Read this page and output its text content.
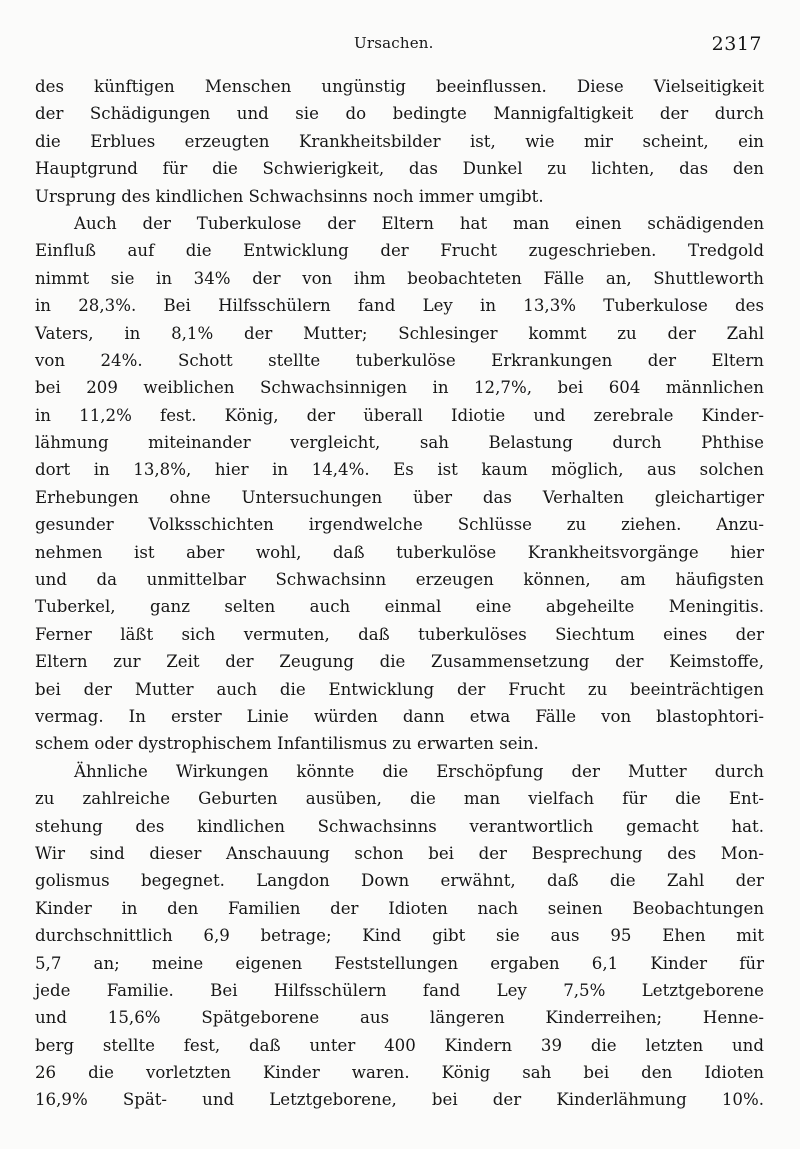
Ursachen.	2317
des künftigen Menschen ungünstig beeinflussen. Diese Vielseitigkeit
der Schädigungen und sie do bedingte Mannigfaltigkeit der durch
die Erblues erzeugten Krankheitsbilder ist, wie mir scheint, ein
Hauptgrund für die Schwierigkeit, das Dunkel zu lichten, das den
Ursprung des kindlichen Schwachsinns noch immer umgibt.
Auch der Tuberkulose der Eltern hat man einen schädigenden
Einfluß auf die Entwicklung der Frucht zugeschrieben. Tredgold
nimmt sie in 34% der von ihm beobachteten Fälle an, Shuttleworth
in 28,3%. Bei Hilfsschülern fand Ley in 13,3% Tuberkulose des
Vaters, in 8,1% der Mutter; Schlesinger kommt zu der Zahl
von 24%. Schott stellte tuberkulöse Erkrankungen der Eltern
bei 209 weiblichen Schwachsinnigen in 12,7%, bei 604 männlichen
in 11,2% fest. König, der überall Idiotie und zerebrale Kinder-
lähmung miteinander vergleicht, sah Belastung durch Phthise
dort in 13,8%, hier in 14,4%. Es ist kaum möglich, aus solchen
Erhebungen ohne Untersuchungen über das Verhalten gleichartiger
gesunder Volksschichten irgendwelche Schlüsse zu ziehen. Anzu-
nehmen ist aber wohl, daß tuberkulöse Krankheitsvorgänge hier
und da unmittelbar Schwachsinn erzeugen können, am häufigsten
Tuberkel, ganz selten auch einmal eine abgeheilte Meningitis.
Ferner läßt sich vermuten, daß tuberkulöses Siechtum eines der
Eltern zur Zeit der Zeugung die Zusammensetzung der Keimstoffe,
bei der Mutter auch die Entwicklung der Frucht zu beeinträchtigen
vermag. In erster Linie würden dann etwa Fälle von blastophtori-
schem oder dystrophischem Infantilismus zu erwarten sein.
Ähnliche Wirkungen könnte die Erschöpfung der Mutter durch
zu zahlreiche Geburten ausüben, die man vielfach für die Ent-
stehung des kindlichen Schwachsinns verantwortlich gemacht hat.
Wir sind dieser Anschauung schon bei der Besprechung des Mon-
golismus begegnet. Langdon Down erwähnt, daß die Zahl der
Kinder in den Familien der Idioten nach seinen Beobachtungen
durchschnittlich 6,9 betrage; Kind gibt sie aus 95 Ehen mit
5,7 an; meine eigenen Feststellungen ergaben 6,1 Kinder für
jede Familie. Bei Hilfsschülern fand Ley 7,5% Letztgeborene
und 15,6% Spätgeborene aus längeren Kinderreihen; Henne-
berg stellte fest, daß unter 400 Kindern 39 die letzten und
26 die vorletzten Kinder waren. König sah bei den Idioten
16,9% Spät- und Letztgeborene, bei der Kinderlähmung 10%.
